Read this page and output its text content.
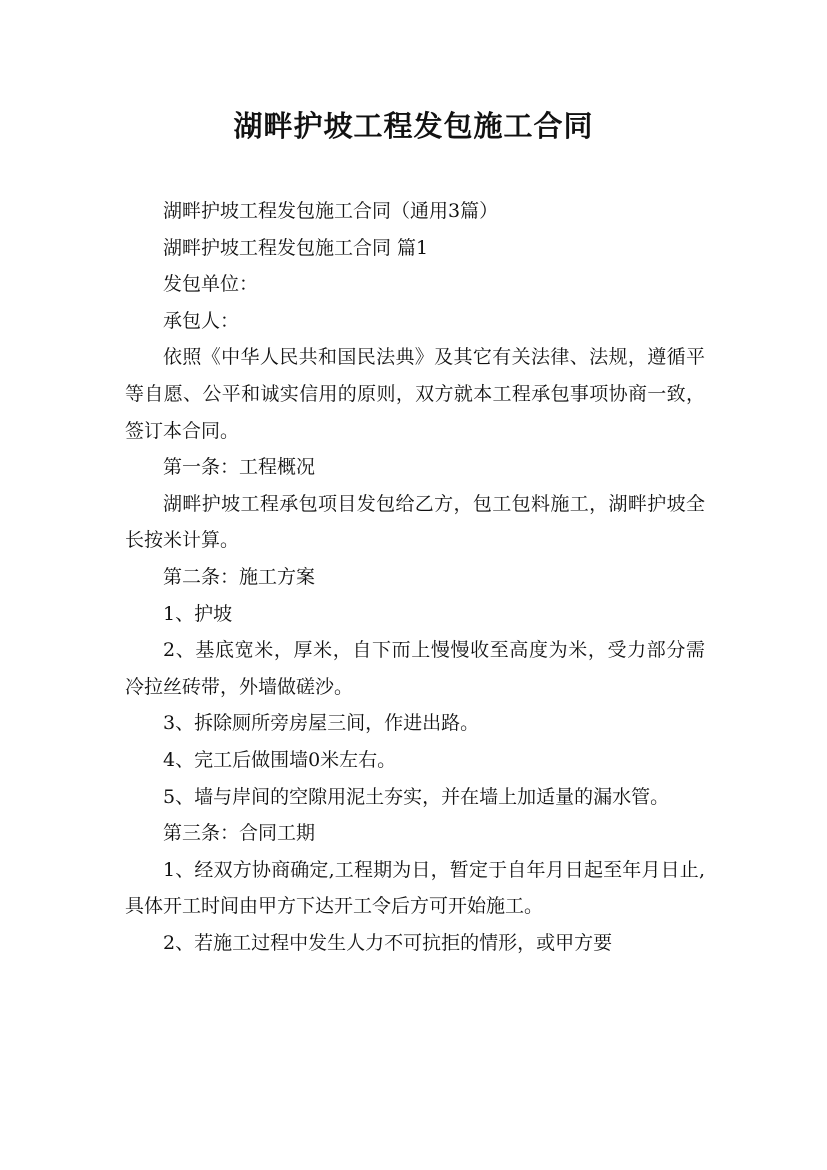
湖畔护坡工程发包施工合同

湖畔护坡工程发包施工合同（通用3篇）

湖畔护坡工程发包施工合同 篇1

发包单位：

承包人：

依照《中华人民共和国民法典》及其它有关法律、法规，遵循平等自愿、公平和诚实信用的原则，双方就本工程承包事项协商一致，签订本合同。

第一条：工程概况

湖畔护坡工程承包项目发包给乙方，包工包料施工，湖畔护坡全长按米计算。

第二条：施工方案

1、护坡

2、基底宽米，厚米，自下而上慢慢收至高度为米，受力部分需冷拉丝砖带，外墙做磋沙。

3、拆除厕所旁房屋三间，作进出路。

4、完工后做围墙0米左右。

5、墙与岸间的空隙用泥土夯实，并在墙上加适量的漏水管。

第三条：合同工期

1、经双方协商确定,工程期为日，暂定于自年月日起至年月日止,具体开工时间由甲方下达开工令后方可开始施工。

2、若施工过程中发生人力不可抗拒的情形，或甲方要
